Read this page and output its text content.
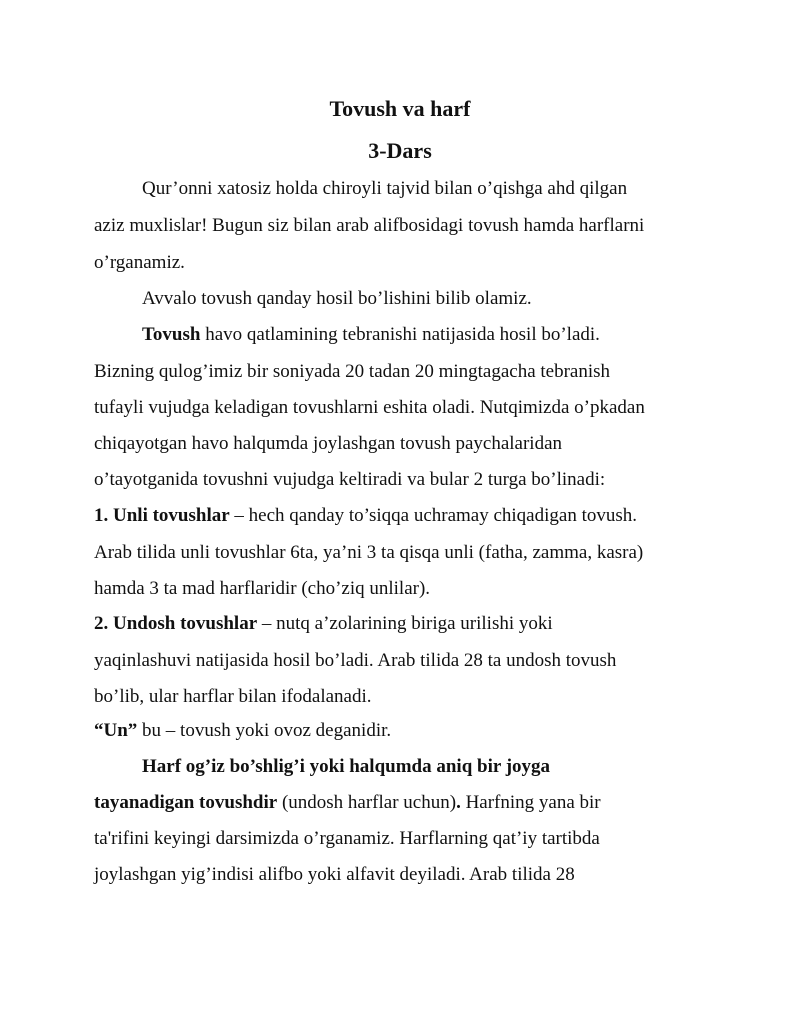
Tovush va harf
3-Dars
Qur’onni xatosiz holda chiroyli tajvid bilan o’qishga ahd qilgan
aziz muxlislar! Bugun siz bilan arab alifbosidagi tovush hamda harflarni
o’rganamiz.
Avvalo tovush qanday hosil bo’lishini bilib olamiz.
Tovush havo qatlamining tebranishi natijasida hosil bo’ladi.
Bizning qulog’imiz bir soniyada 20 tadan 20 mingtagacha tebranish
tufayli vujudga keladigan tovushlarni eshita oladi. Nutqimizda o’pkadan
chiqayotgan havo halqumda joylashgan tovush paychalaridan
o’tayotganida tovushni vujudga keltiradi va bular 2 turga bo’linadi:
1. Unli tovushlar – hech qanday to’siqqa uchramay chiqadigan tovush.
Arab tilida unli tovushlar 6ta, ya’ni 3 ta qisqa unli (fatha, zamma, kasra)
hamda 3 ta mad harflaridir (cho’ziq unlilar).
2. Undosh tovushlar – nutq a’zolarining biriga urilishi yoki
yaqinlashuvi natijasida hosil bo’ladi. Arab tilida 28 ta undosh tovush
bo’lib, ular harflar bilan ifodalanadi.
“Un” bu – tovush yoki ovoz deganidir.
Harf og’iz bo’shlig’i yoki halqumda aniq bir joyga
tayanadigan tovushdir (undosh harflar uchun). Harfning yana bir
ta'rifini keyingi darsimizda o’rganamiz. Harflarning qat’iy tartibda
joylashgan yig’indisi alifbo yoki alfavit deyiladi. Arab tilida 28
